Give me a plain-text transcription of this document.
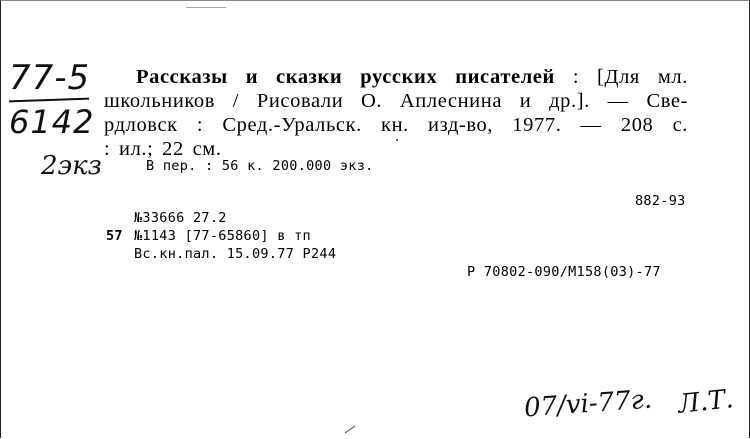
77-5
6142
2экз
Рассказы и сказки русских писателей : [Для мл.
школьников / Рисовали О. Аплеснина и др.]. — Све-
рдловск : Сред.-Уральск. кн. изд-во, 1977. — 208 с.
: ил.; 22 см.
В пер. : 56 к. 200.000 экз.
882-93
№33666 27.2
57 №1143 [77-65860] в тп
Вс.кн.пал. 15.09.77 Р244
Р 70802-090/М158(03)-77
07/vi-77г. Л.Т.
